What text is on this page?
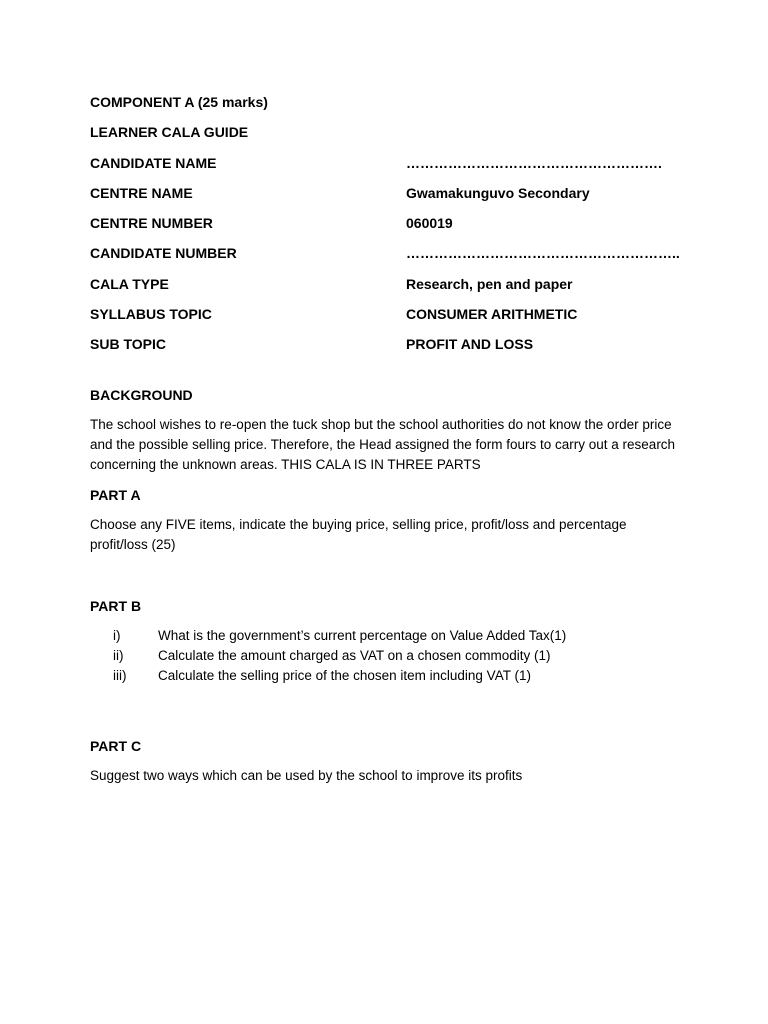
COMPONENT A (25 marks)
LEARNER CALA GUIDE
CANDIDATE NAME	……………………………………………….
CENTRE NAME	Gwamakunguvo Secondary
CENTRE NUMBER	060019
CANDIDATE NUMBER	…………………………………………………..
CALA TYPE	Research, pen and paper
SYLLABUS TOPIC	CONSUMER ARITHMETIC
SUB TOPIC	PROFIT AND LOSS
BACKGROUND

The school wishes to re-open the tuck shop but the school authorities do not know the order price and the possible selling price. Therefore, the Head assigned the form fours to carry out a research concerning the unknown areas. THIS CALA IS IN THREE PARTS

PART A

Choose any FIVE items, indicate the buying price, selling price, profit/loss and percentage profit/loss (25)

PART B
i)	What is the government’s current percentage on Value Added Tax(1)
ii)	Calculate the amount charged as VAT on a chosen commodity (1)
iii)	Calculate the selling price of the chosen item including VAT (1)
PART C

Suggest two ways which can be used by the school to improve its profits
